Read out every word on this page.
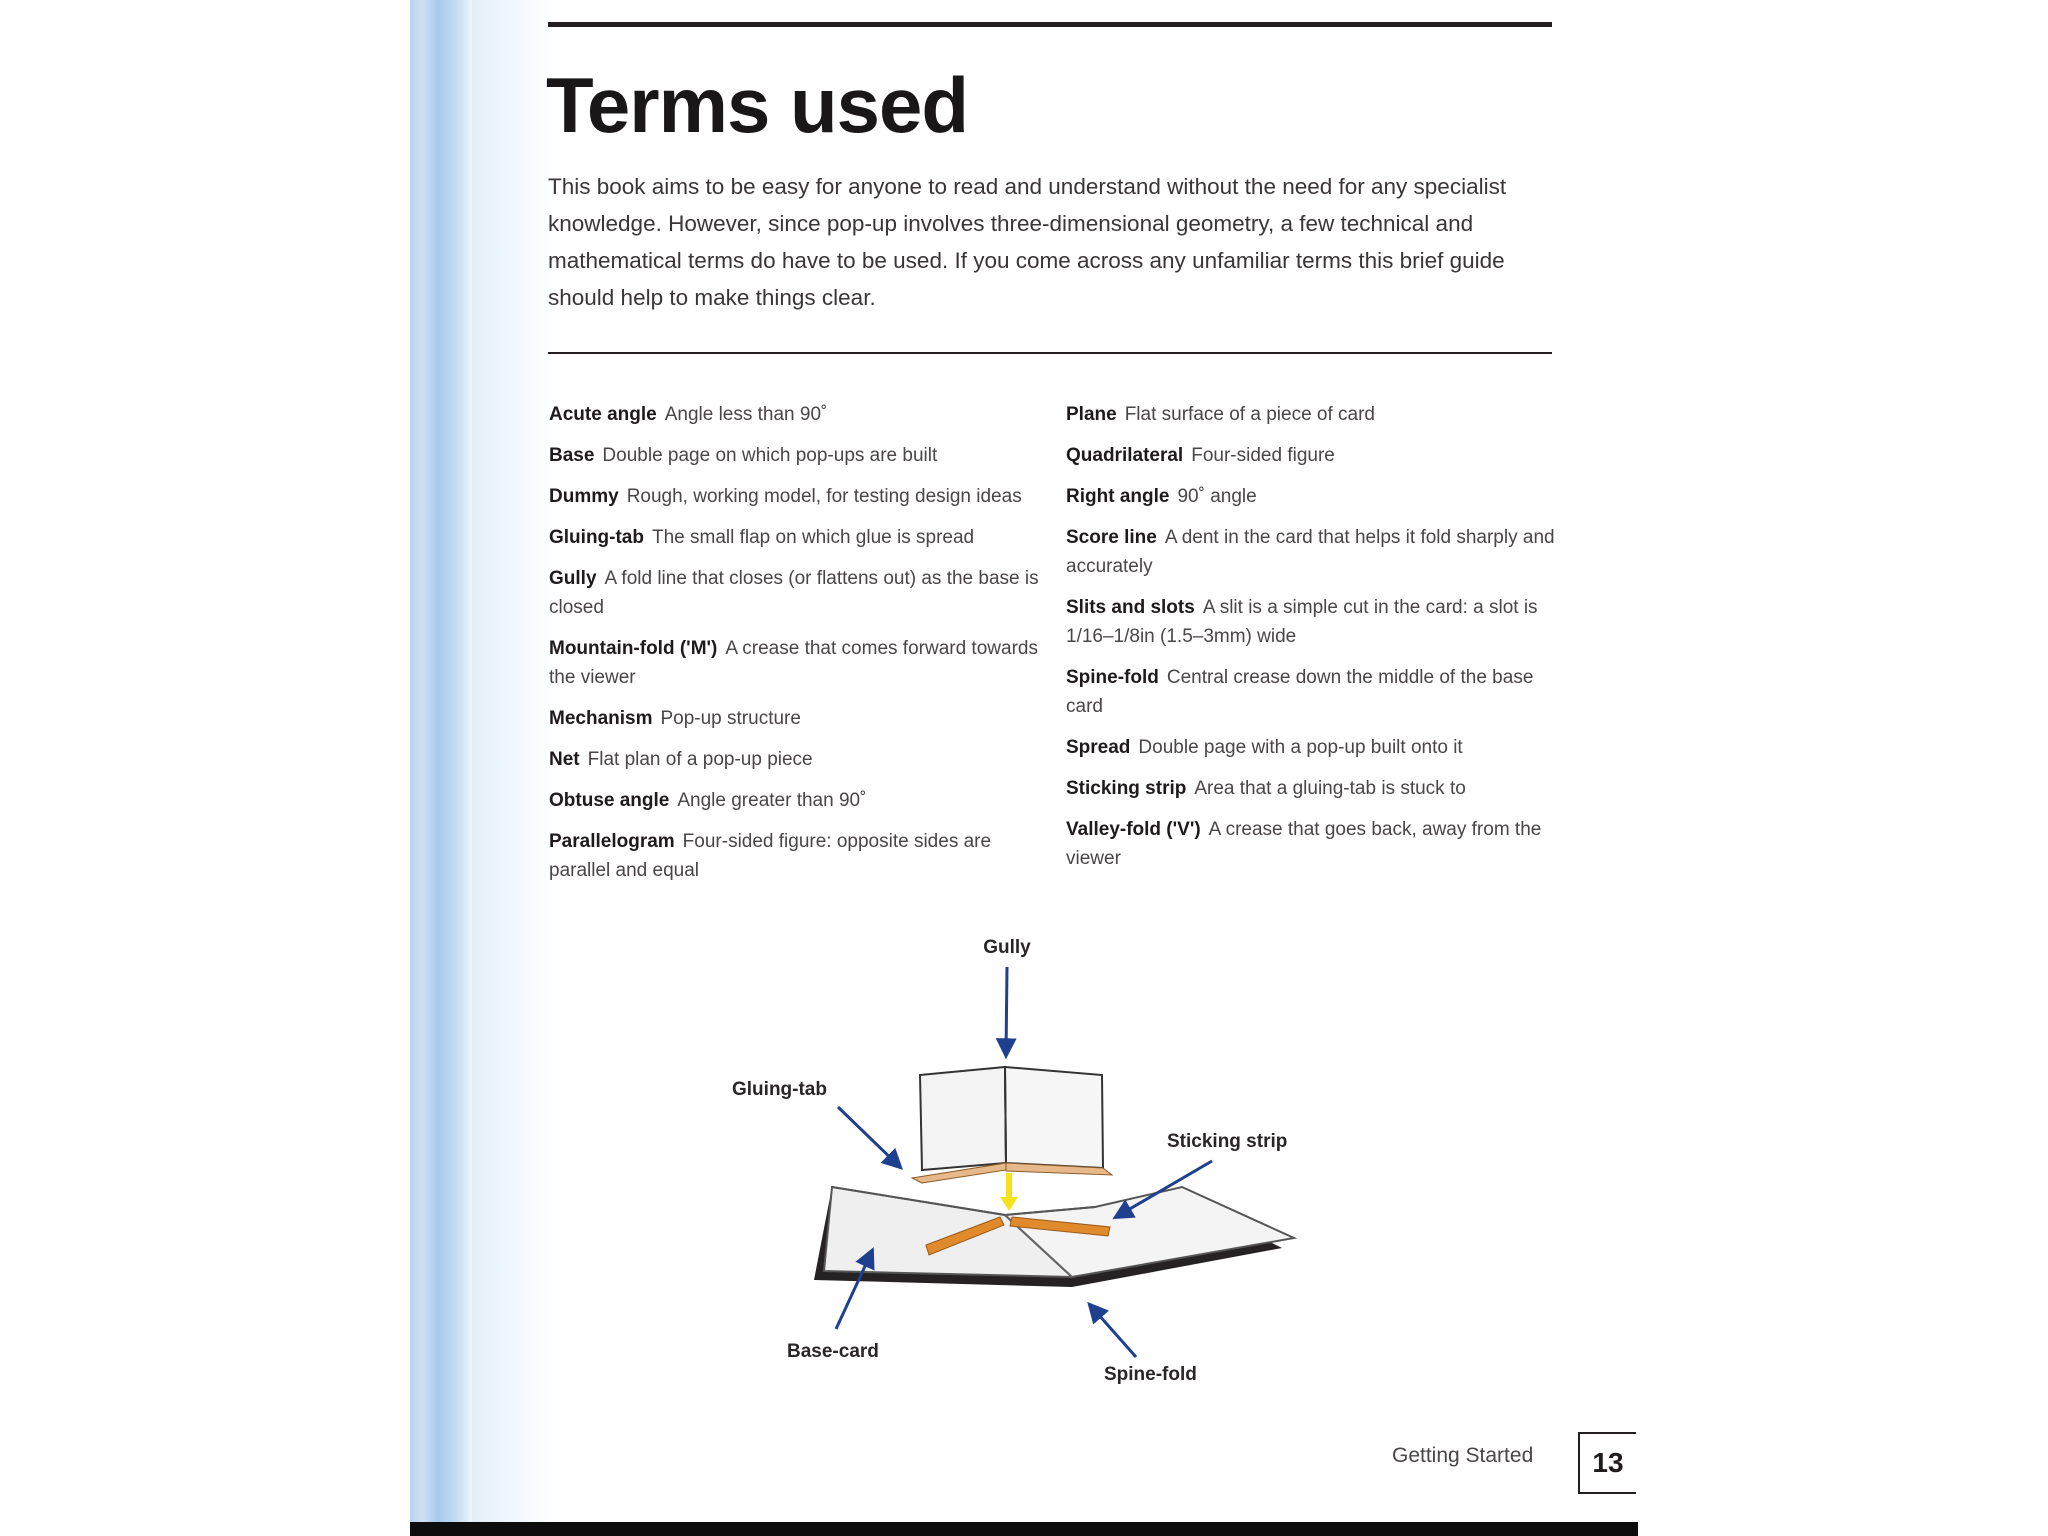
Terms used

This book aims to be easy for anyone to read and understand without the need for any specialist knowledge. However, since pop-up involves three-dimensional geometry, a few technical and mathematical terms do have to be used. If you come across any unfamiliar terms this brief guide should help to make things clear.

Acute angle Angle less than 90˚

Base Double page on which pop-ups are built

Dummy Rough, working model, for testing design ideas

Gluing-tab The small flap on which glue is spread

Gully A fold line that closes (or flattens out) as the base is closed

Mountain-fold ('M') A crease that comes forward towards the viewer

Mechanism Pop-up structure

Net Flat plan of a pop-up piece

Obtuse angle Angle greater than 90˚

Parallelogram Four-sided figure: opposite sides are parallel and equal

Plane Flat surface of a piece of card

Quadrilateral Four-sided figure

Right angle 90˚ angle

Score line A dent in the card that helps it fold sharply and accurately

Slits and slots A slit is a simple cut in the card: a slot is 1/16–1/8in (1.5–3mm) wide

Spine-fold Central crease down the middle of the base card

Spread Double page with a pop-up built onto it

Sticking strip Area that a gluing-tab is stuck to

Valley-fold ('V') A crease that goes back, away from the viewer

Gully
Gluing-tab
Sticking strip
Base-card
Spine-fold

Getting Started	13
